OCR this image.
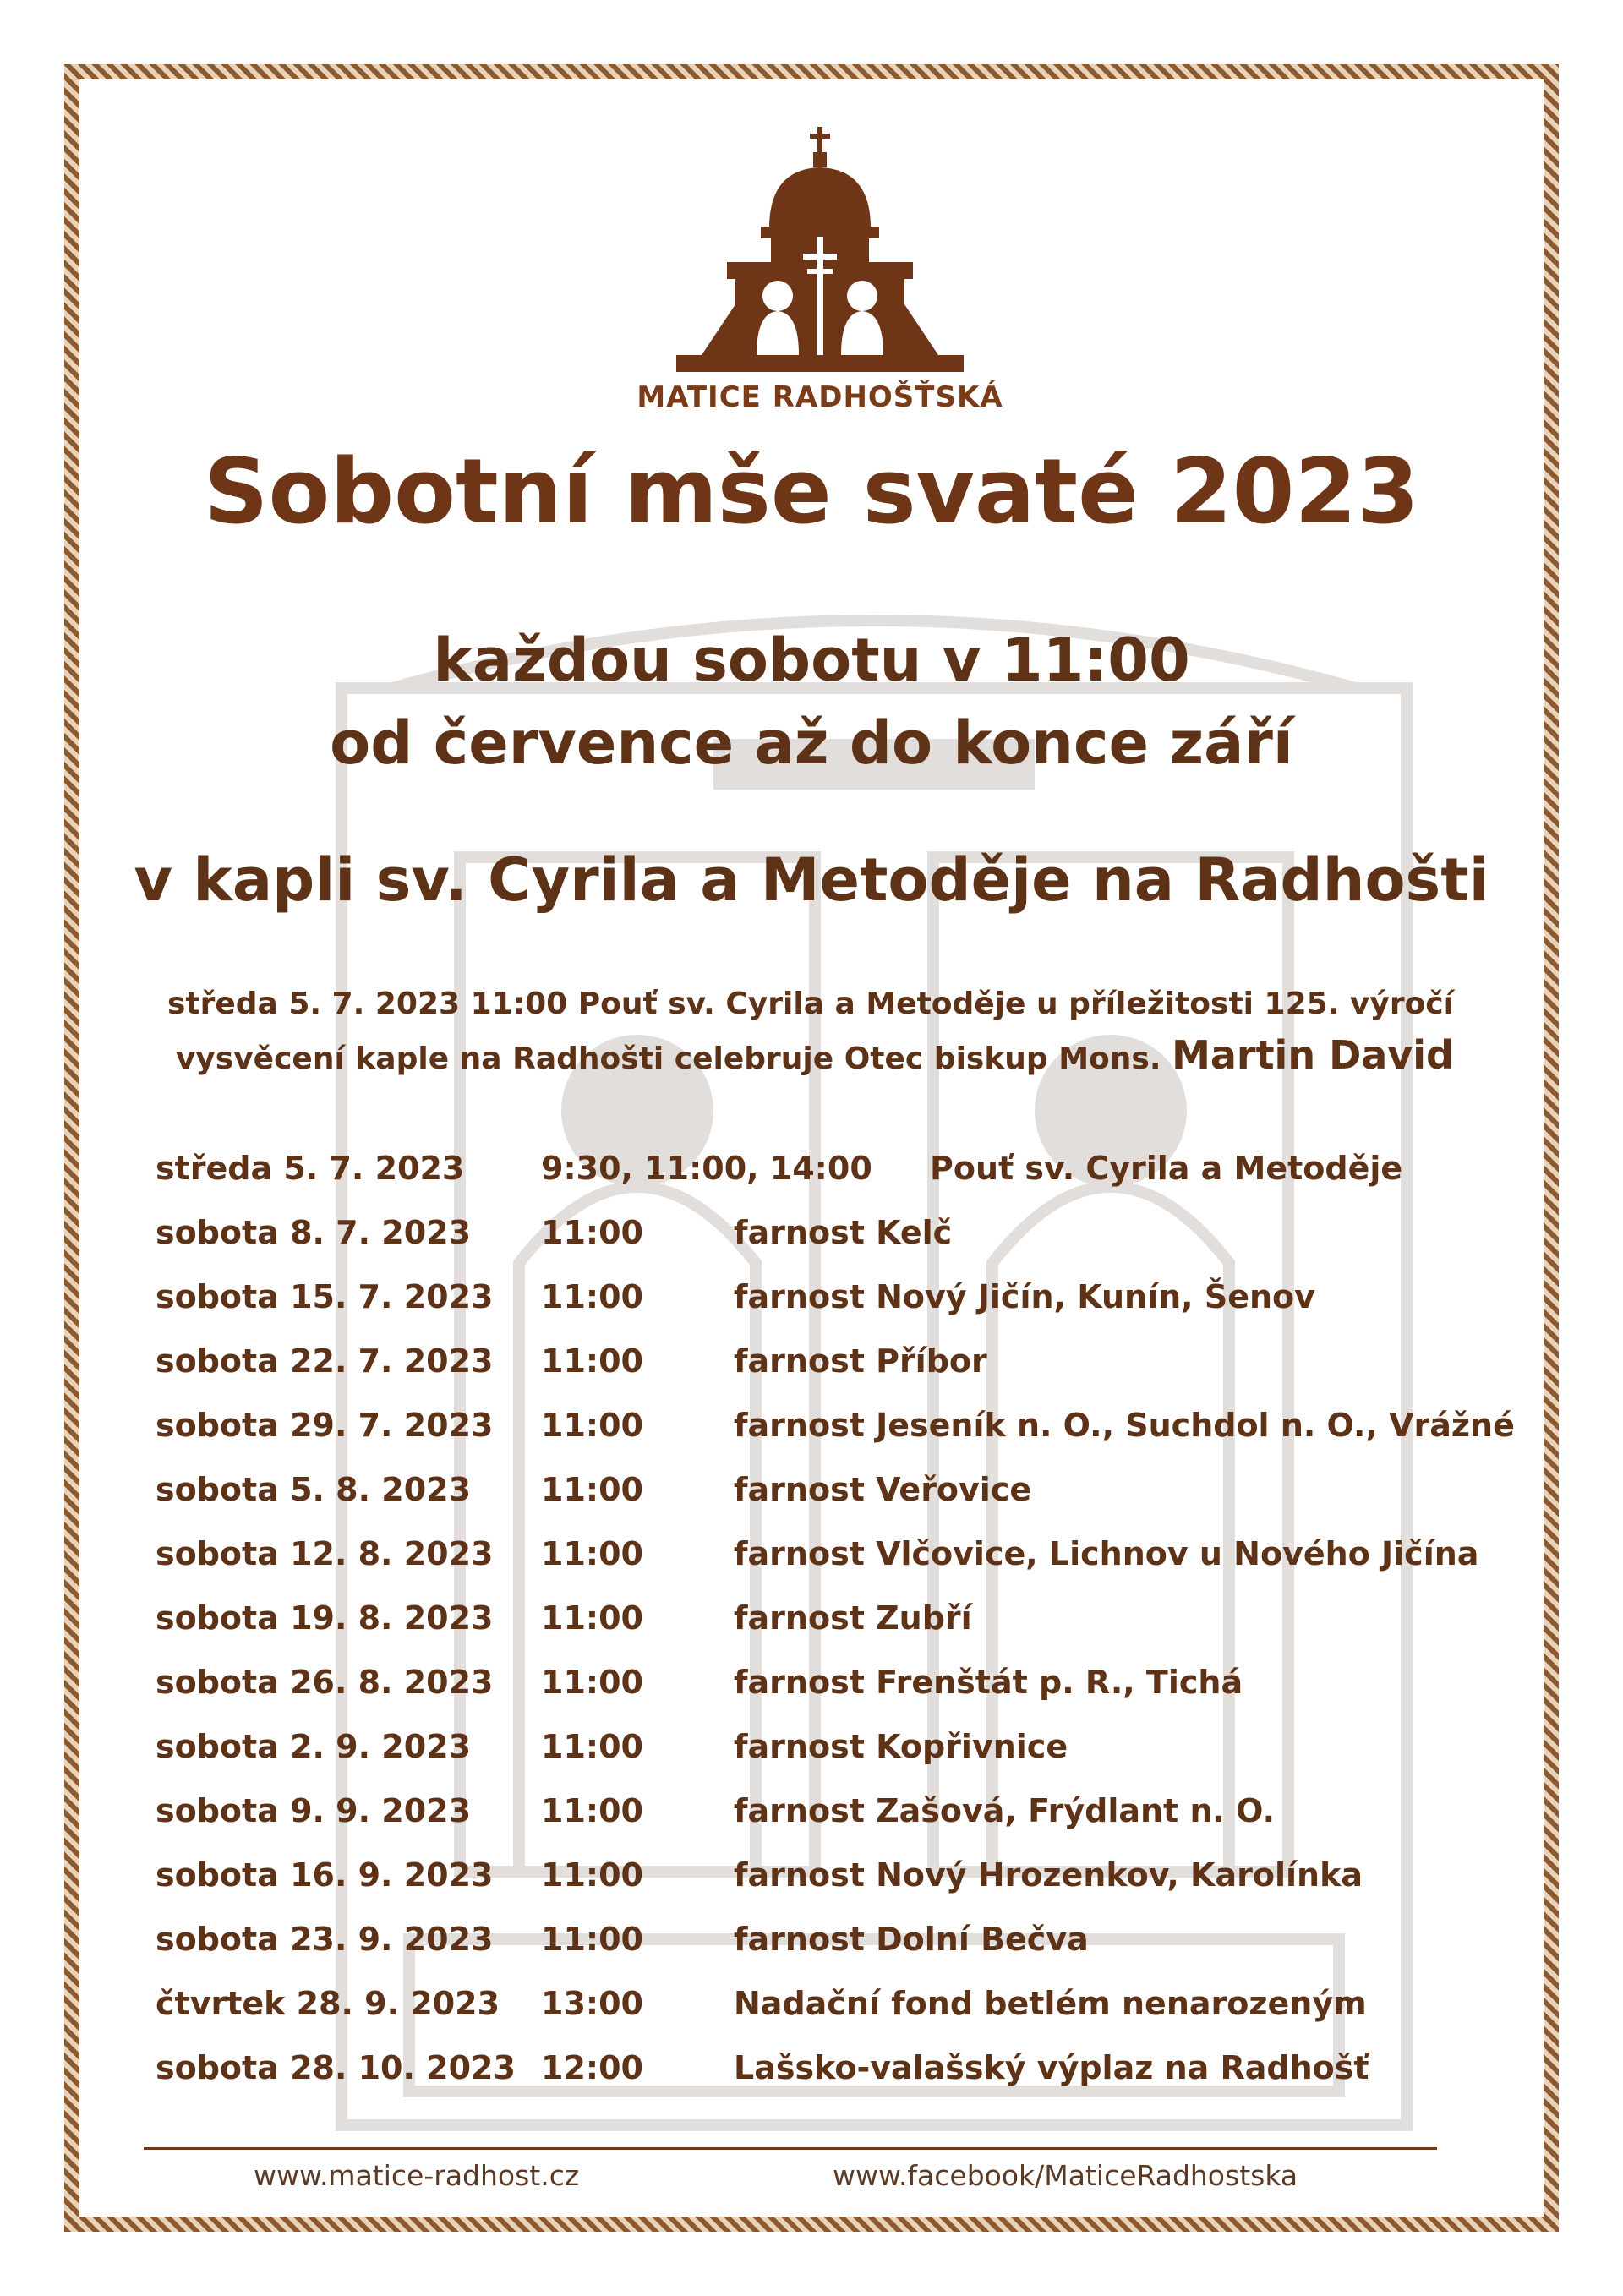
MATICE RADHOŠŤSKÁ
Sobotní mše svaté 2023
každou sobotu v 11:00
od července až do konce září
v kapli sv. Cyrila a Metoděje na Radhošti
středa 5. 7. 2023 11:00 Pouť sv. Cyrila a Metoděje u příležitosti 125. výročí
vysvěcení kaple na Radhošti celebruje Otec biskup Mons. Martin David
středa 5. 7. 2023 9:30, 11:00, 14:00 Pouť sv. Cyrila a Metoděje
sobota 8. 7. 2023 11:00	farnost Kelč
sobota 15. 7. 2023 11:00	farnost Nový Jičín, Kunín, Šenov
sobota 22. 7. 2023 11:00	farnost Příbor
sobota 29. 7. 2023 11:00	farnost Jeseník n. O., Suchdol n. O., Vrážné
sobota 5. 8. 2023 11:00	farnost Veřovice
sobota 12. 8. 2023 11:00	farnost Vlčovice, Lichnov u Nového Jičína
sobota 19. 8. 2023 11:00	farnost Zubří
sobota 26. 8. 2023 11:00	farnost Frenštát p. R., Tichá
sobota 2. 9. 2023 11:00	farnost Kopřivnice
sobota 9. 9. 2023 11:00	farnost Zašová, Frýdlant n. O.
sobota 16. 9. 2023 11:00	farnost Nový Hrozenkov, Karolínka
sobota 23. 9. 2023 11:00	farnost Dolní Bečva
čtvrtek 28. 9. 2023 13:00	Nadační fond betlém nenarozeným
sobota 28. 10. 2023 12:00	Lašsko-valašský výplaz na Radhošť
www.matice-radhost.cz	www.facebook/MaticeRadhostska
